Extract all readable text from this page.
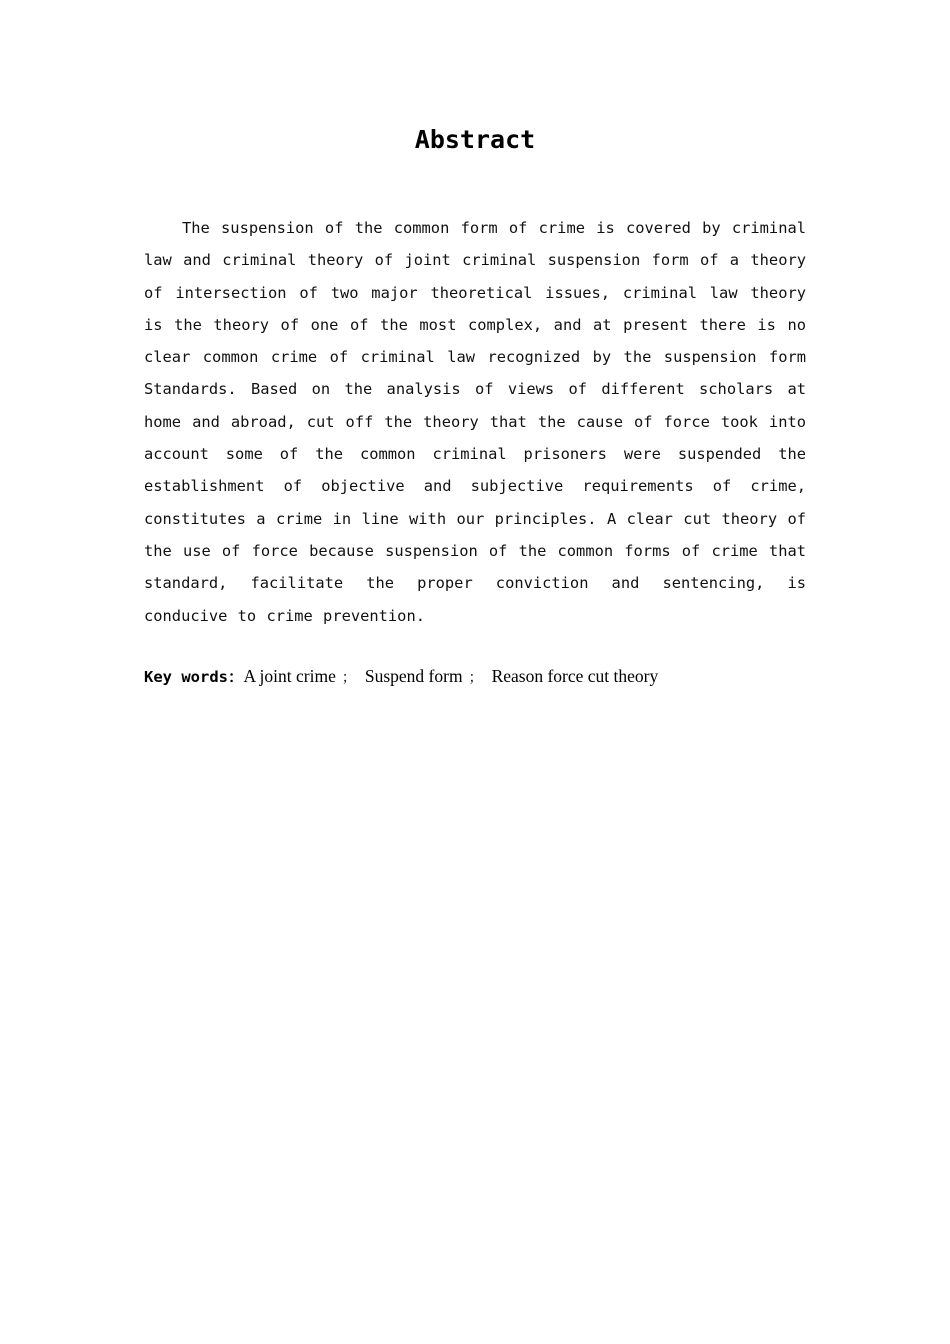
Abstract

The suspension of the common form of crime is covered by criminal law and criminal theory of joint criminal suspension form of a theory of intersection of two major theoretical issues, criminal law theory is the theory of one of the most complex, and at present there is no clear common crime of criminal law recognized by the suspension form Standards. Based on the analysis of views of different scholars at home and abroad, cut off the theory that the cause of force took into account some of the common criminal prisoners were suspended the establishment of objective and subjective requirements of crime, constitutes a crime in line with our principles. A clear cut theory of the use of force because suspension of the common forms of crime that standard, facilitate the proper conviction and sentencing, is conducive to crime prevention.

Key words：A joint crime ； Suspend form ； Reason force cut theory
